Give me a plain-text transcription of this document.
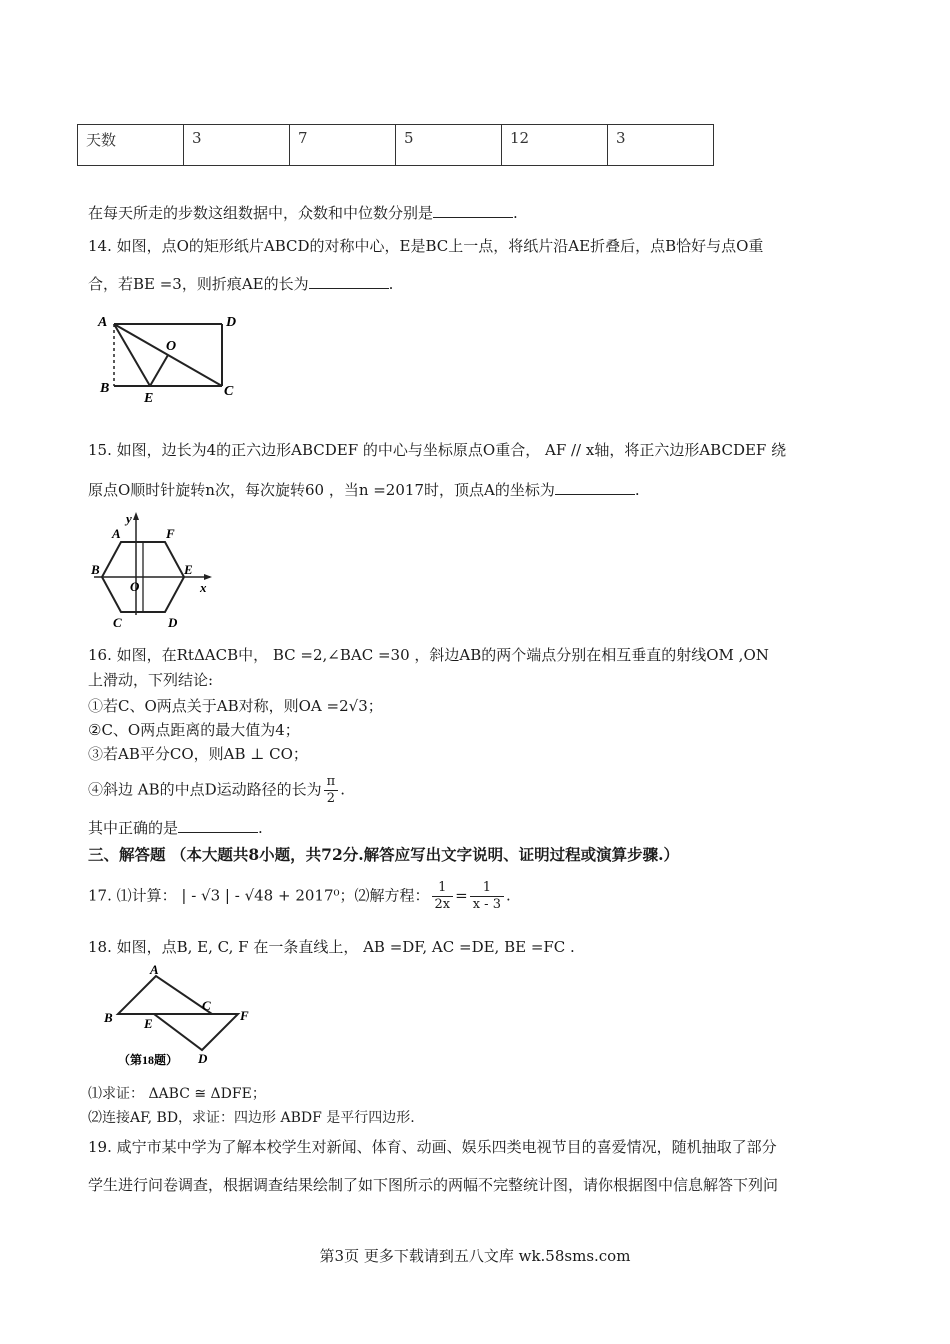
天数	3	7	5	12	3
在每天所走的步数这组数据中，众数和中位数分别是	.
14. 如图，点O的矩形纸片ABCD的对称中心，E是BC上一点，将纸片沿AE折叠后，点B恰好与点O重
合，若BE =3，则折痕AE的长为	.
A	D
O
B
E	C
15. 如图，边长为4的正六边形ABCDEF 的中心与坐标原点O重合， AF // x轴，将正六边形ABCDEF 绕
原点O顺时针旋转n次，每次旋转60 ，当n =2017时，顶点A的坐标为	.
y
A	F
B	E
O	x
C	D
16. 如图，在RtΔACB中， BC =2,∠BAC =30 ，斜边AB的两个端点分别在相互垂直的射线OM ,ON
上滑动，下列结论:
①若C、O两点关于AB对称，则OA =2√3；
②C、O两点距离的最大值为4；
③若AB平分CO，则AB ⊥ CO；
④斜边 AB的中点D运动路径的长为 $\frac{\pi}{2}$ .
其中正确的是	.
三、解答题 （本大题共8小题，共72分.解答应写出文字说明、证明过程或演算步骤.）
17. ⑴计算： | - √3 | - √48 + 2017⁰；⑵解方程： $\frac{1}{2x} = \frac{1}{x - 3}$ .
18. 如图，点B, E, C, F 在一条直线上， AB =DF, AC =DE, BE =FC .
A
B E
C
F
D
（第18题）
⑴求证： ΔABC ≅ ΔDFE；
⑵连接AF, BD，求证：四边形 ABDF 是平行四边形.
19. 咸宁市某中学为了解本校学生对新闻、体育、动画、娱乐四类电视节目的喜爱情况，随机抽取了部分
学生进行问卷调查，根据调查结果绘制了如下图所示的两幅不完整统计图，请你根据图中信息解答下列问
第3页 更多下载请到五八文库 wk.58sms.com
